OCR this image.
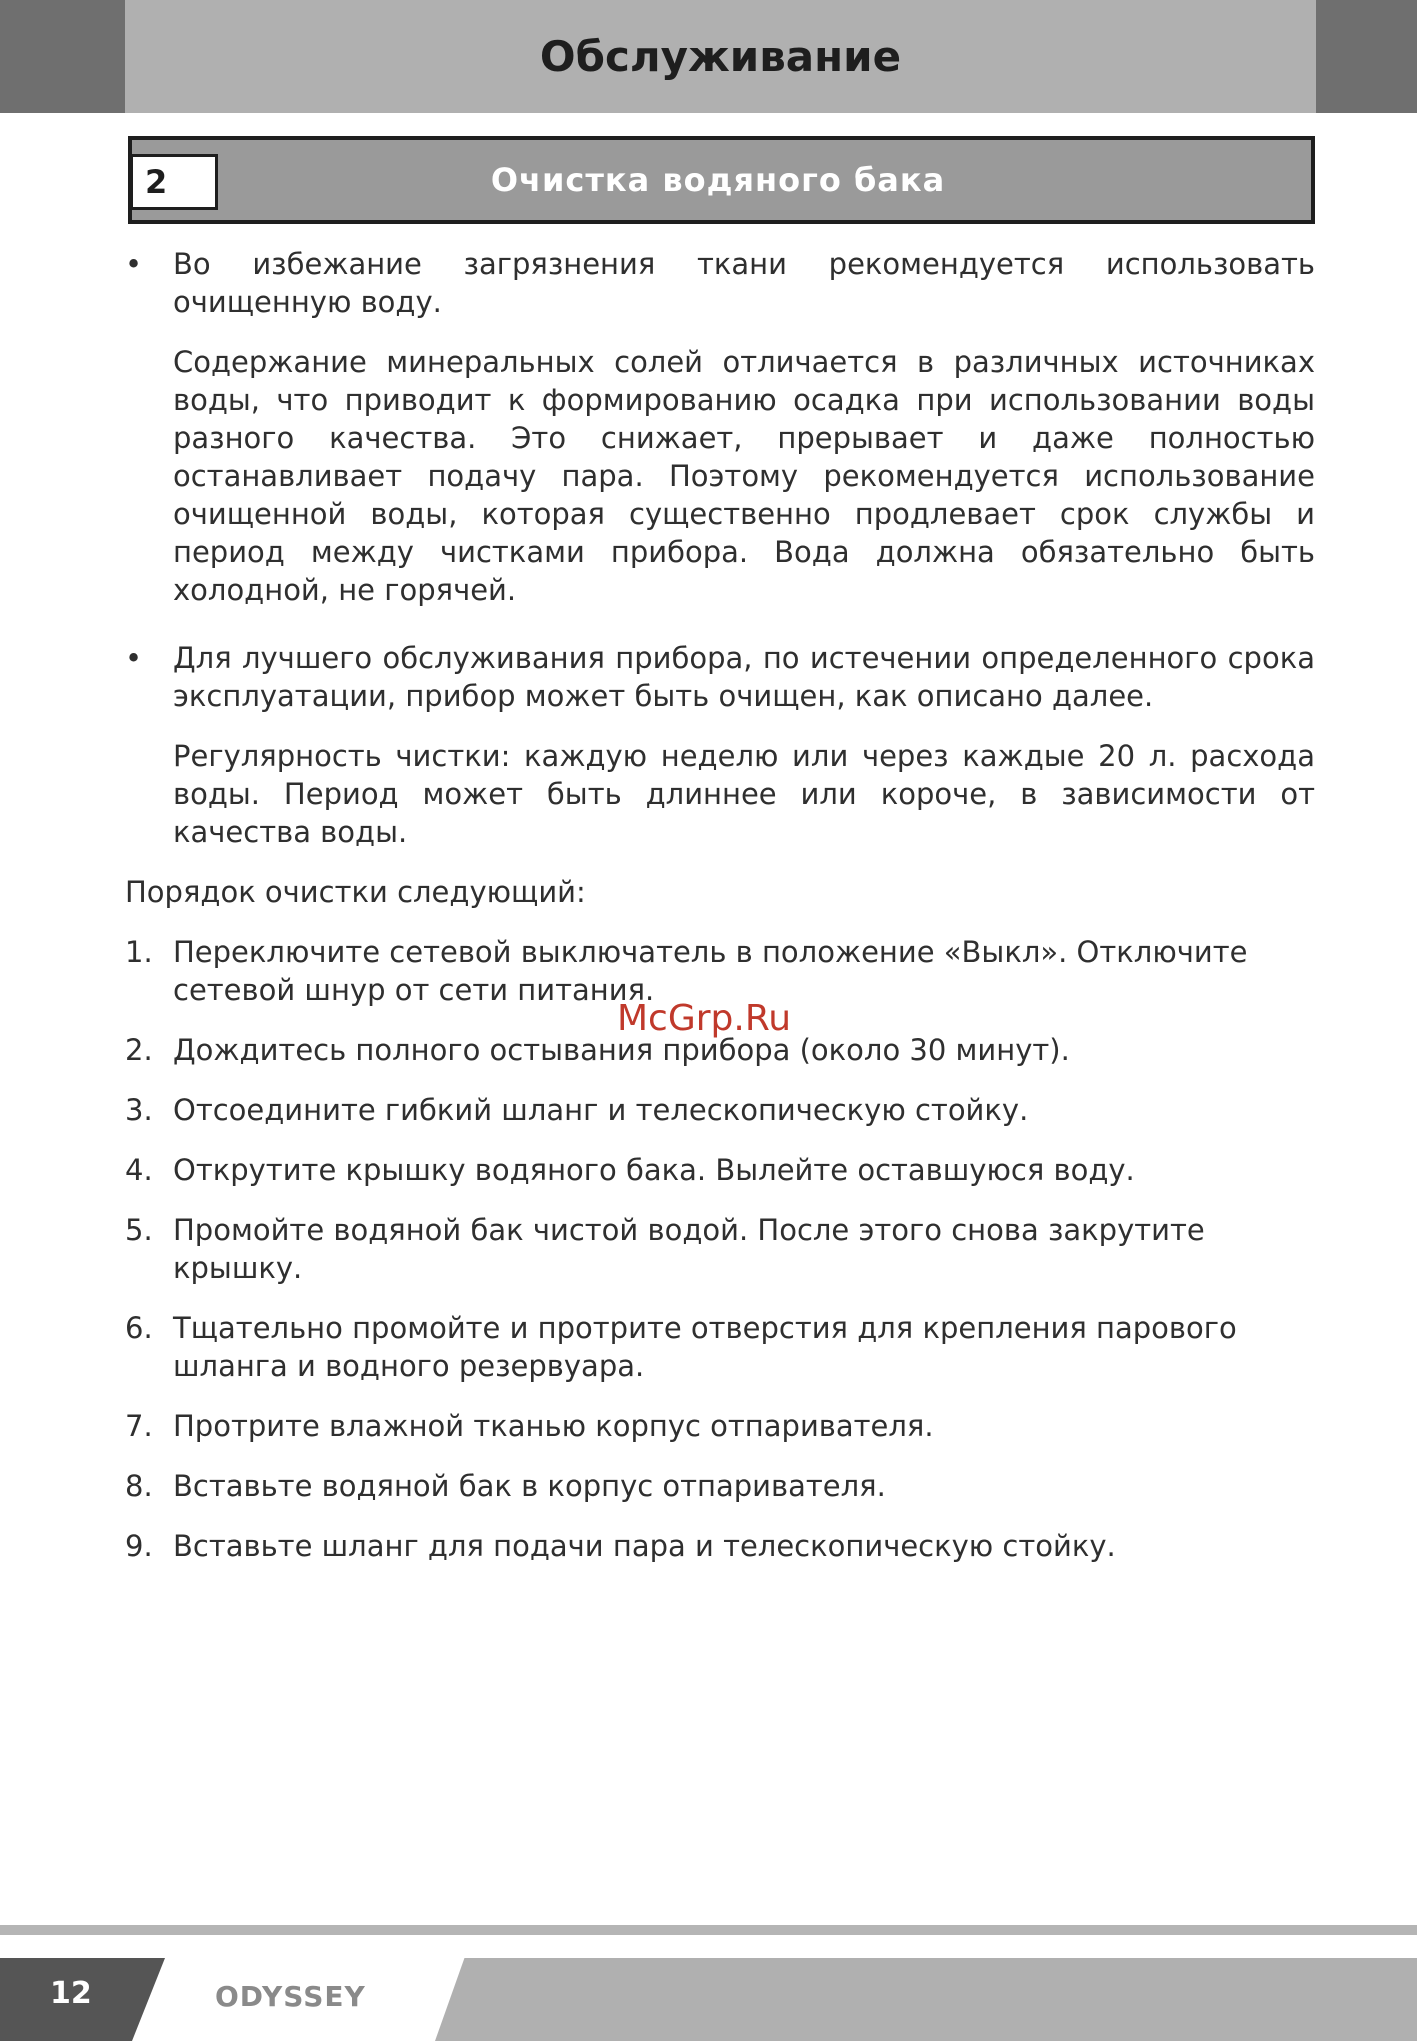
Обслуживание
2	Очистка водяного бака

•	Во избежание загрязнения ткани рекомендуется использовать очищенную воду.

Содержание минеральных солей отличается в различных источниках воды, что приводит к формированию осадка при использовании воды разного качества. Это снижает, прерывает и даже полностью останавливает подачу пара. Поэтому рекомендуется использование очищенной воды, которая существенно продлевает срок службы и период между чистками прибора. Вода должна обязательно быть холодной, не горячей.

•	Для лучшего обслуживания прибора, по истечении определенного срока эксплуатации, прибор может быть очищен, как описано далее.

Регулярность чистки: каждую неделю или через каждые 20 л. расхода воды. Период может быть длиннее или короче, в зависимости от качества воды.

Порядок очистки следующий:

1. Переключите сетевой выключатель в положение «Выкл». Отключите сетевой шнур от сети питания.
2. Дождитесь полного остывания прибора (около 30 минут).
3. Отсоедините гибкий шланг и телескопическую стойку.
4. Открутите крышку водяного бака. Вылейте оставшуюся воду.
5. Промойте водяной бак чистой водой. После этого снова закрутите крышку.
6. Тщательно промойте и протрите отверстия для крепления парового шланга и водного резервуара.
7. Протрите влажной тканью корпус отпаривателя.
8. Вставьте водяной бак в корпус отпаривателя.
9. Вставьте шланг для подачи пара и телескопическую стойку.
McGrp.Ru
12	ODYSSEY
